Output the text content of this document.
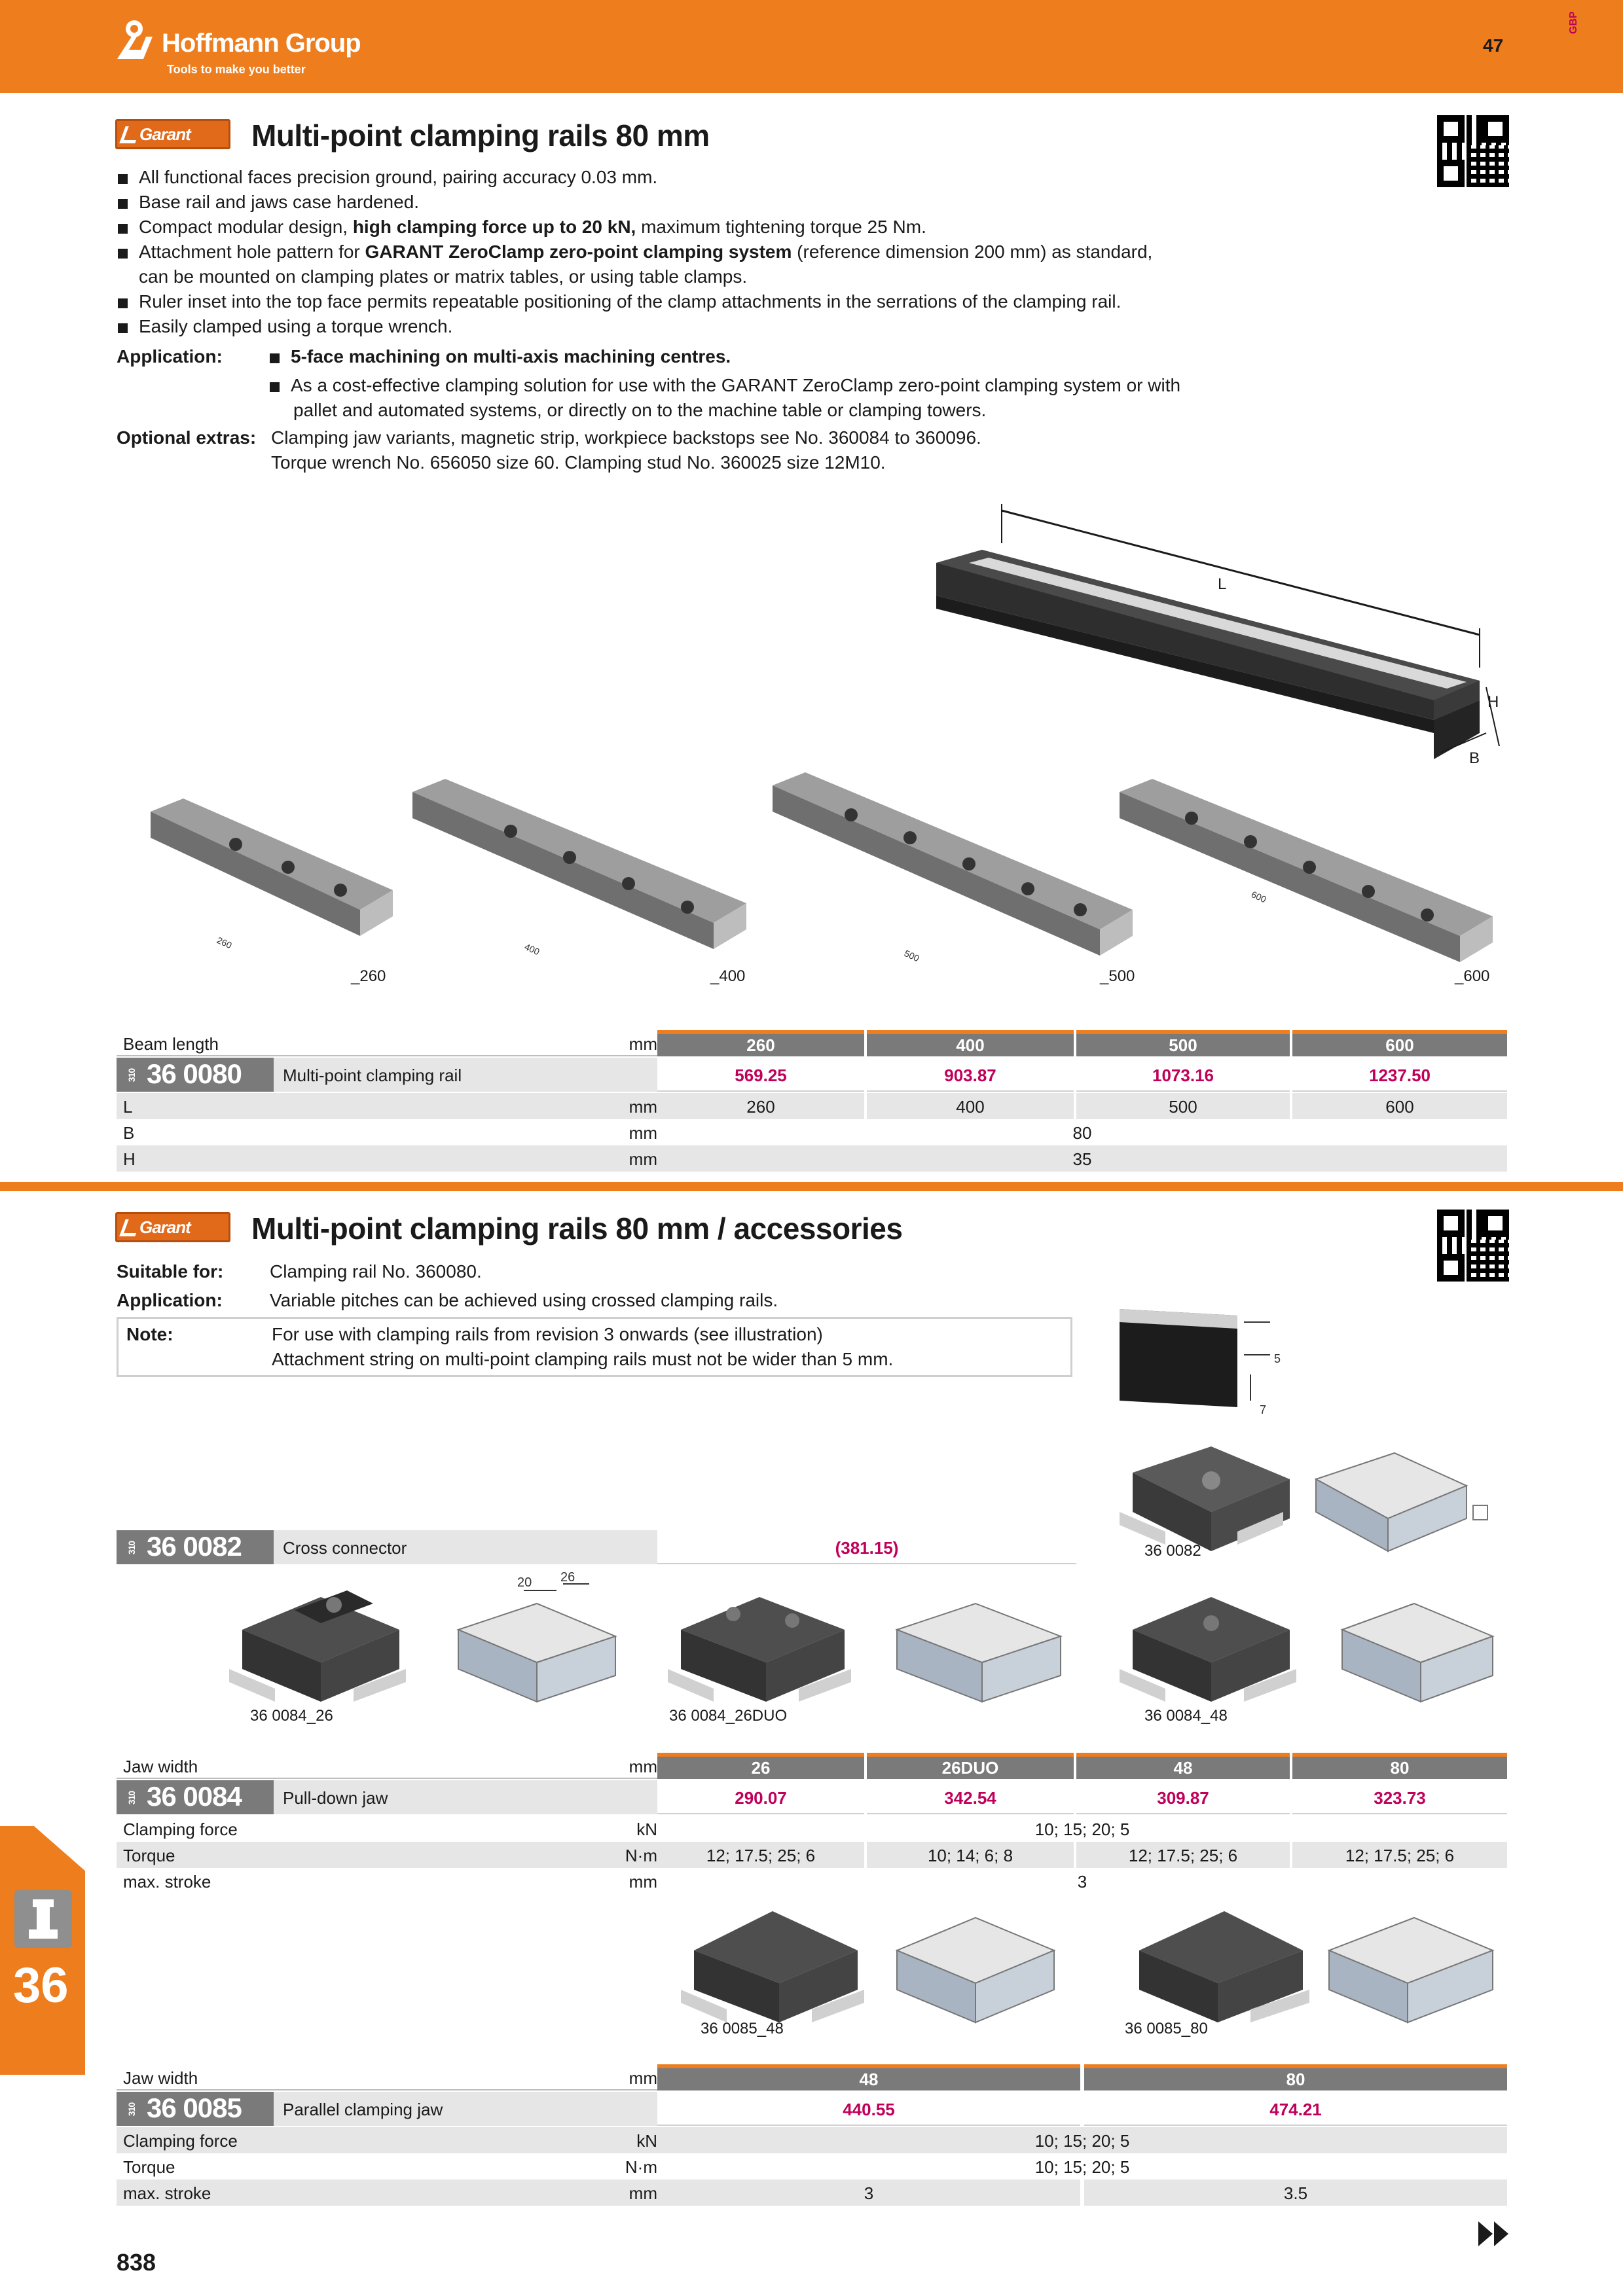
Hoffmann Group
Tools to make you better
47
GBP
Garant Multi-point clamping rails 80 mm
All functional faces precision ground, pairing accuracy 0.03 mm.
Base rail and jaws case hardened.
Compact modular design, high clamping force up to 20 kN, maximum tightening torque 25 Nm.
Attachment hole pattern for GARANT ZeroClamp zero-point clamping system (reference dimension 200 mm) as standard,
can be mounted on clamping plates or matrix tables, or using table clamps.
Ruler inset into the top face permits repeatable positioning of the clamp attachments in the serrations of the clamping rail.
Easily clamped using a torque wrench.
Application:	5-face machining on multi-axis machining centres.
As a cost-effective clamping solution for use with the GARANT ZeroClamp zero-point clamping system or with
pallet and automated systems, or directly on to the machine table or clamping towers.
Optional extras: Clamping jaw variants, magnetic strip, workpiece backstops see No. 360084 to 360096.
Torque wrench No. 656050 size 60. Clamping stud No. 360025 size 12M10.
L
H
B
260	400	500
600
_260	_400	_500	_600
Beam length	mm	260	400	500	600
310 36 0080	Multi-point clamping rail	569.25	903.87	1073.16	1237.50
L	mm	260	400	500	600
B	mm	80
H	mm	35
Garant Multi-point clamping rails 80 mm / accessories
Suitable for:	Clamping rail No. 360080.
Application:	Variable pitches can be achieved using crossed clamping rails.
Note:	For use with clamping rails from revision 3 onwards (see illustration)
Attachment string on multi-point clamping rails must not be wider than 5 mm.	5
7
36 0082
310 36 0082	Cross connector	(381.15)
20 26
36 0084_26	36 0084_26DUO	36 0084_48
Jaw width	mm	26	26DUO	48	80
310 36 0084	Pull-down jaw	290.07	342.54	309.87	323.73
Clamping force	kN	10; 15; 20; 5
Torque	N·m	12; 17.5; 25; 6	10; 14; 6; 8	12; 17.5; 25; 6	12; 17.5; 25; 6
max. stroke	mm	3
36 0085_48	36 0085_80
Jaw width	mm	48	80
310 36 0085	Parallel clamping jaw	440.55	474.21
Clamping force	kN	10; 15; 20; 5
Torque	N·m	10; 15; 20; 5
max. stroke	mm	3	3.5
36
838
